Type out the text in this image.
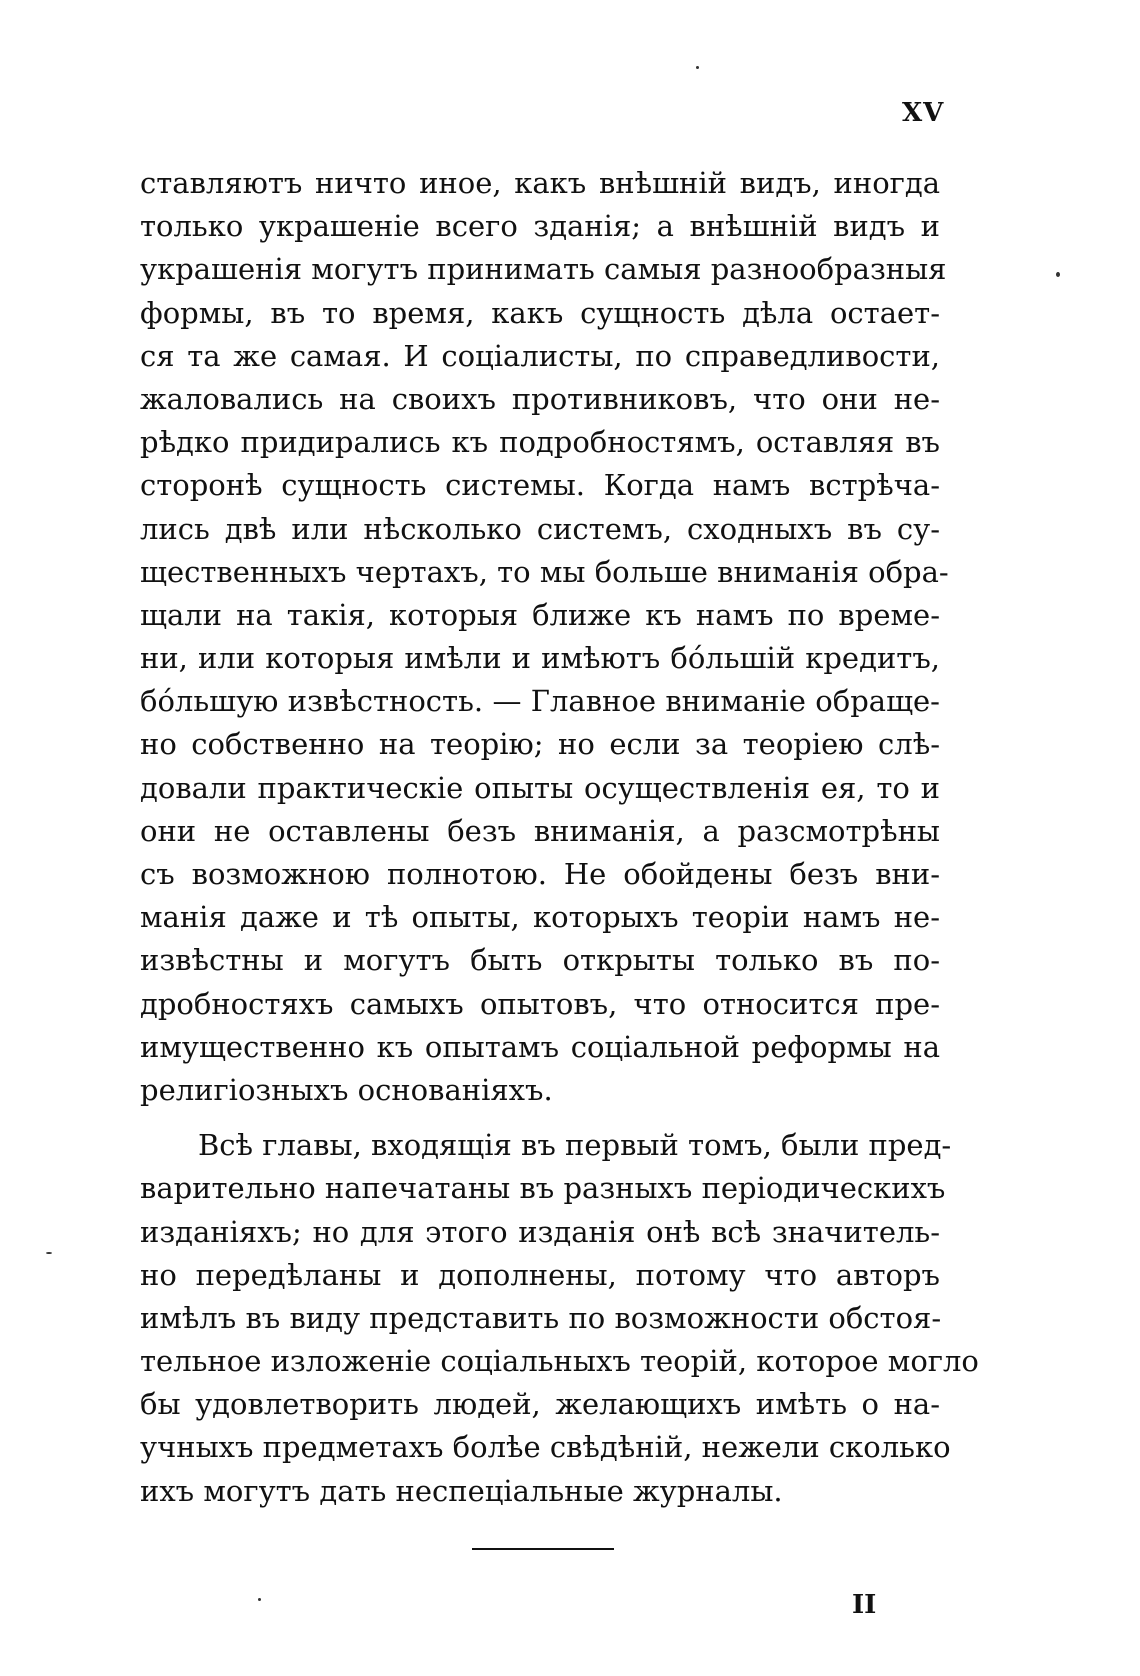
XV
ставляютъ ничто иное, какъ внѣшній видъ, иногда
только украшеніе всего зданія; а внѣшній видъ и
украшенія могутъ принимать самыя разнообразныя
формы, въ то время, какъ сущность дѣла остает-
ся та же самая. И соціалисты, по справедливости,
жаловались на своихъ противниковъ, что они не-
рѣдко придирались къ подробностямъ, оставляя въ
сторонѣ сущность системы. Когда намъ встрѣча-
лись двѣ или нѣсколько системъ, сходныхъ въ су-
щественныхъ чертахъ, то мы больше вниманія обра-
щали на такія, которыя ближе къ намъ по време-
ни, или которыя имѣли и имѣютъ бо́льшій кредитъ,
бо́льшую извѣстность. — Главное вниманіе обраще-
но собственно на теорію; но если за теоріею слѣ-
довали практическіе опыты осуществленія ея, то и
они не оставлены безъ вниманія, а разсмотрѣны
съ возможною полнотою. Не обойдены безъ вни-
манія даже и тѣ опыты, которыхъ теоріи намъ не-
извѣстны и могутъ быть открыты только въ по-
дробностяхъ самыхъ опытовъ, что относится пре-
имущественно къ опытамъ соціальной реформы на
религіозныхъ основаніяхъ.
Всѣ главы, входящія въ первый томъ, были пред-
варительно напечатаны въ разныхъ періодическихъ
изданіяхъ; но для этого изданія онѣ всѣ значитель-
но передѣланы и дополнены, потому что авторъ
имѣлъ въ виду представить по возможности обстоя-
тельное изложеніе соціальныхъ теорій, которое могло
бы удовлетворить людей, желающихъ имѣть о на-
учныхъ предметахъ болѣе свѣдѣній, нежели сколько
ихъ могутъ дать неспеціальные журналы.
II
